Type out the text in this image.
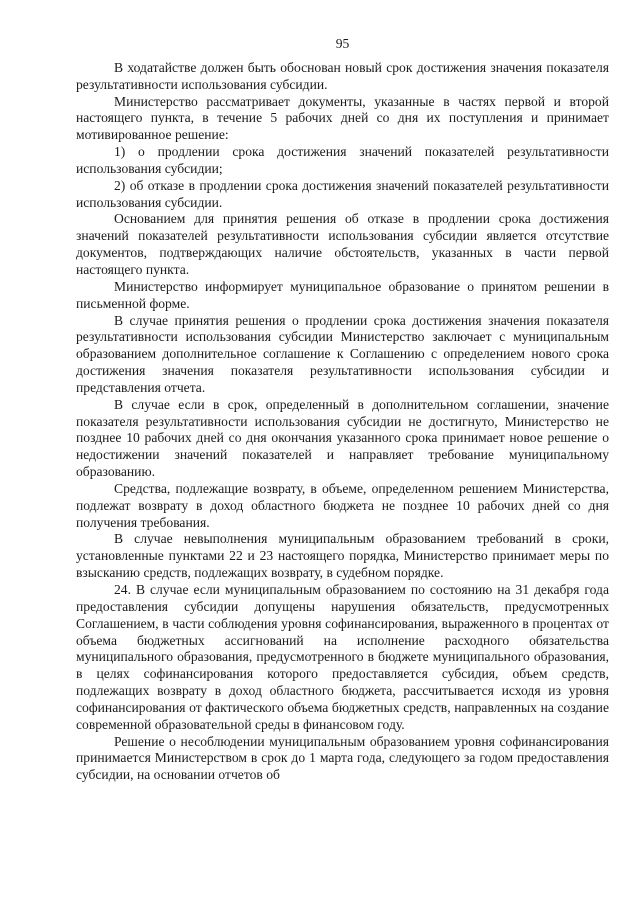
95

В ходатайстве должен быть обоснован новый срок достижения значения показателя результативности использования субсидии.

Министерство рассматривает документы, указанные в частях первой и второй настоящего пункта, в течение 5 рабочих дней со дня их поступления и принимает мотивированное решение:

1) о продлении срока достижения значений показателей результативности использования субсидии;

2) об отказе в продлении срока достижения значений показателей результативности использования субсидии.

Основанием для принятия решения об отказе в продлении срока достижения значений показателей результативности использования субсидии является отсутствие документов, подтверждающих наличие обстоятельств, указанных в части первой настоящего пункта.

Министерство информирует муниципальное образование о принятом решении в письменной форме.

В случае принятия решения о продлении срока достижения значения показателя результативности использования субсидии Министерство заключает с муниципальным образованием дополнительное соглашение к Соглашению с определением нового срока достижения значения показателя результативности использования субсидии и представления отчета.

В случае если в срок, определенный в дополнительном соглашении, значение показателя результативности использования субсидии не достигнуто, Министерство не позднее 10 рабочих дней со дня окончания указанного срока принимает новое решение о недостижении значений показателей и направляет требование муниципальному образованию.

Средства, подлежащие возврату, в объеме, определенном решением Министерства, подлежат возврату в доход областного бюджета не позднее 10 рабочих дней со дня получения требования.

В случае невыполнения муниципальным образованием требований в сроки, установленные пунктами 22 и 23 настоящего порядка, Министерство принимает меры по взысканию средств, подлежащих возврату, в судебном порядке.

24. В случае если муниципальным образованием по состоянию на 31 декабря года предоставления субсидии допущены нарушения обязательств, предусмотренных Соглашением, в части соблюдения уровня софинансирования, выраженного в процентах от объема бюджетных ассигнований на исполнение расходного обязательства муниципального образования, предусмотренного в бюджете муниципального образования, в целях софинансирования которого предоставляется субсидия, объем средств, подлежащих возврату в доход областного бюджета, рассчитывается исходя из уровня софинансирования от фактического объема бюджетных средств, направленных на создание современной образовательной среды в финансовом году.

Решение о несоблюдении муниципальным образованием уровня софинансирования принимается Министерством в срок до 1 марта года, следующего за годом предоставления субсидии, на основании отчетов об
